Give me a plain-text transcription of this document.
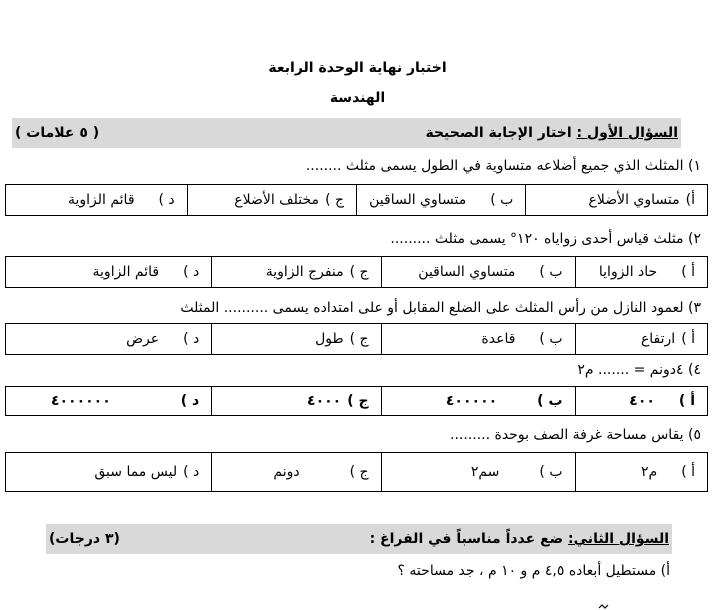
اختبار نهاية الوحدة الرابعة
الهندسة
السؤال الأول : اختار الإجابة الصحيحة
( ٥ علامات )
١) المثلث الذي جميع أضلاعه متساوية في الطول يسمى مثلث ........
أ)متساوي الأضلاع	ب )متساوي الساقين	ج )مختلف الأضلاع	د )قائم الزاوية
٢) مثلث قياس أحدى زواياه ١٢٠° يسمى مثلث .........
أ )حاد الزوايا	ب )متساوي الساقين	ج )منفرج الزاوية	د )قائم الزاوية
٣) لعمود النازل من رأس المثلث على الضلع المقابل أو على امتداده يسمى .......... المثلث
أ )ارتفاع	ب )قاعدة	ج )طول	د )عرض
٤) ٤دونم = ....... م٢
أ )٤٠٠	ب )٤٠٠٠٠٠	ج )٤٠٠٠	د )٤٠٠٠٠٠٠
٥) يقاس مساحة غرفة الصف بوحدة .........
أ )م٢	ب )سم٢	ج )دونم	د )ليس مما سبق
السؤال الثاني: ضع عدداً مناسباً في الفراغ :
(٣ درجات)
أ) مستطيل أبعاده ٤,٥ م و ١٠ م ، جد مساحته ؟
